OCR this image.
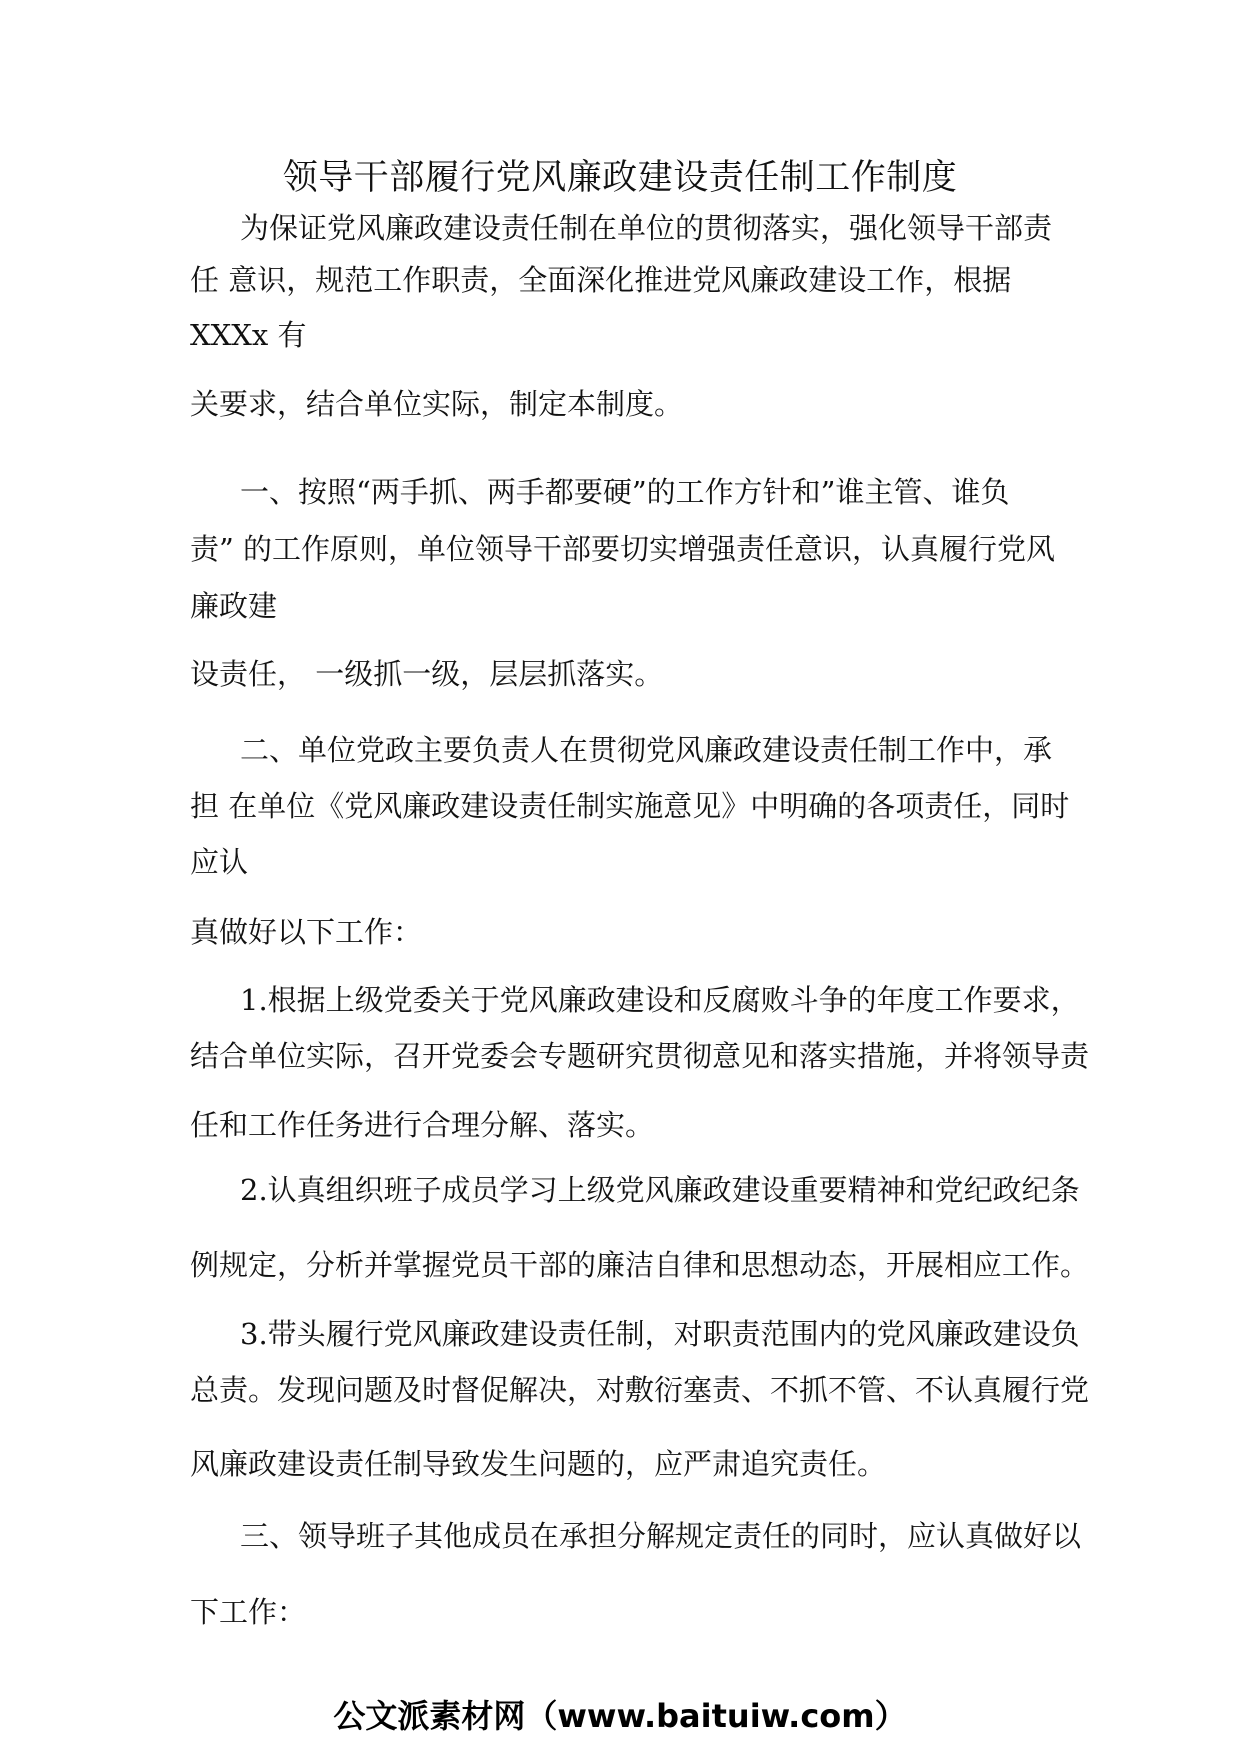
领导干部履行党风廉政建设责任制工作制度
为保证党风廉政建设责任制在单位的贯彻落实，强化领导干部责
任 意识，规范工作职责，全面深化推进党风廉政建设工作，根据
XXXx 有
关要求，结合单位实际，制定本制度。
一、按照“两手抓、两手都要硬”的工作方针和”谁主管、谁负
责” 的工作原则，单位领导干部要切实增强责任意识，认真履行党风
廉政建
设责任， 一级抓一级，层层抓落实。
二、单位党政主要负责人在贯彻党风廉政建设责任制工作中，承
担 在单位《党风廉政建设责任制实施意见》中明确的各项责任，同时
应认
真做好以下工作：
1.根据上级党委关于党风廉政建设和反腐败斗争的年度工作要求，
结合单位实际，召开党委会专题研究贯彻意见和落实措施，并将领导责
任和工作任务进行合理分解、落实。
2.认真组织班子成员学习上级党风廉政建设重要精神和党纪政纪条
例规定，分析并掌握党员干部的廉洁自律和思想动态，开展相应工作。
3.带头履行党风廉政建设责任制，对职责范围内的党风廉政建设负
总责。发现问题及时督促解决，对敷衍塞责、不抓不管、不认真履行党
风廉政建设责任制导致发生问题的，应严肃追究责任。
三、领导班子其他成员在承担分解规定责任的同时，应认真做好以
下工作：
公文派素材网（www.baituiw.com）
